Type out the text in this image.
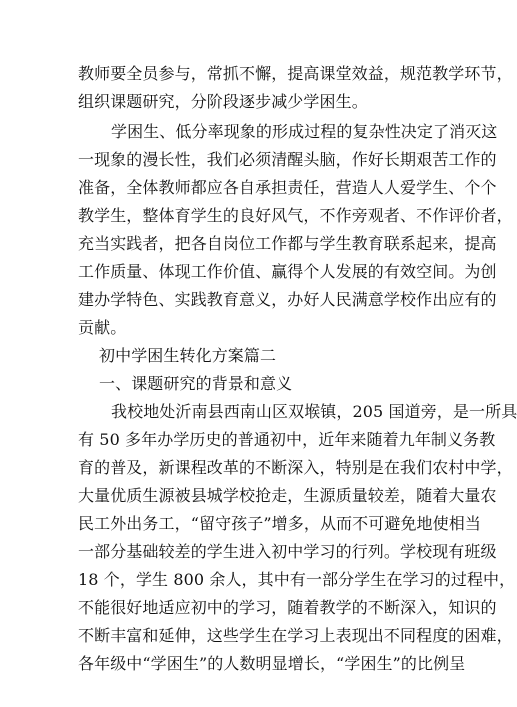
教师要全员参与，常抓不懈，提高课堂效益，规范教学环节，
组织课题研究，分阶段逐步减少学困生。
学困生、低分率现象的形成过程的复杂性决定了消灭这
一现象的漫长性，我们必须清醒头脑，作好长期艰苦工作的
准备，全体教师都应各自承担责任，营造人人爱学生、个个
教学生，整体育学生的良好风气，不作旁观者、不作评价者，
充当实践者，把各自岗位工作都与学生教育联系起来，提高
工作质量、体现工作价值、赢得个人发展的有效空间。为创
建办学特色、实践教育意义，办好人民满意学校作出应有的
贡献。
初中学困生转化方案篇二
一、课题研究的背景和意义
我校地处沂南县西南山区双堠镇，205 国道旁，是一所具
有 50 多年办学历史的普通初中，近年来随着九年制义务教
育的普及，新课程改革的不断深入，特别是在我们农村中学，
大量优质生源被县城学校抢走，生源质量较差，随着大量农
民工外出务工，“留守孩子”增多，从而不可避免地使相当
一部分基础较差的学生进入初中学习的行列。学校现有班级
18 个，学生 800 余人，其中有一部分学生在学习的过程中，
不能很好地适应初中的学习，随着教学的不断深入，知识的
不断丰富和延伸，这些学生在学习上表现出不同程度的困难，
各年级中“学困生”的人数明显增长，“学困生”的比例呈
